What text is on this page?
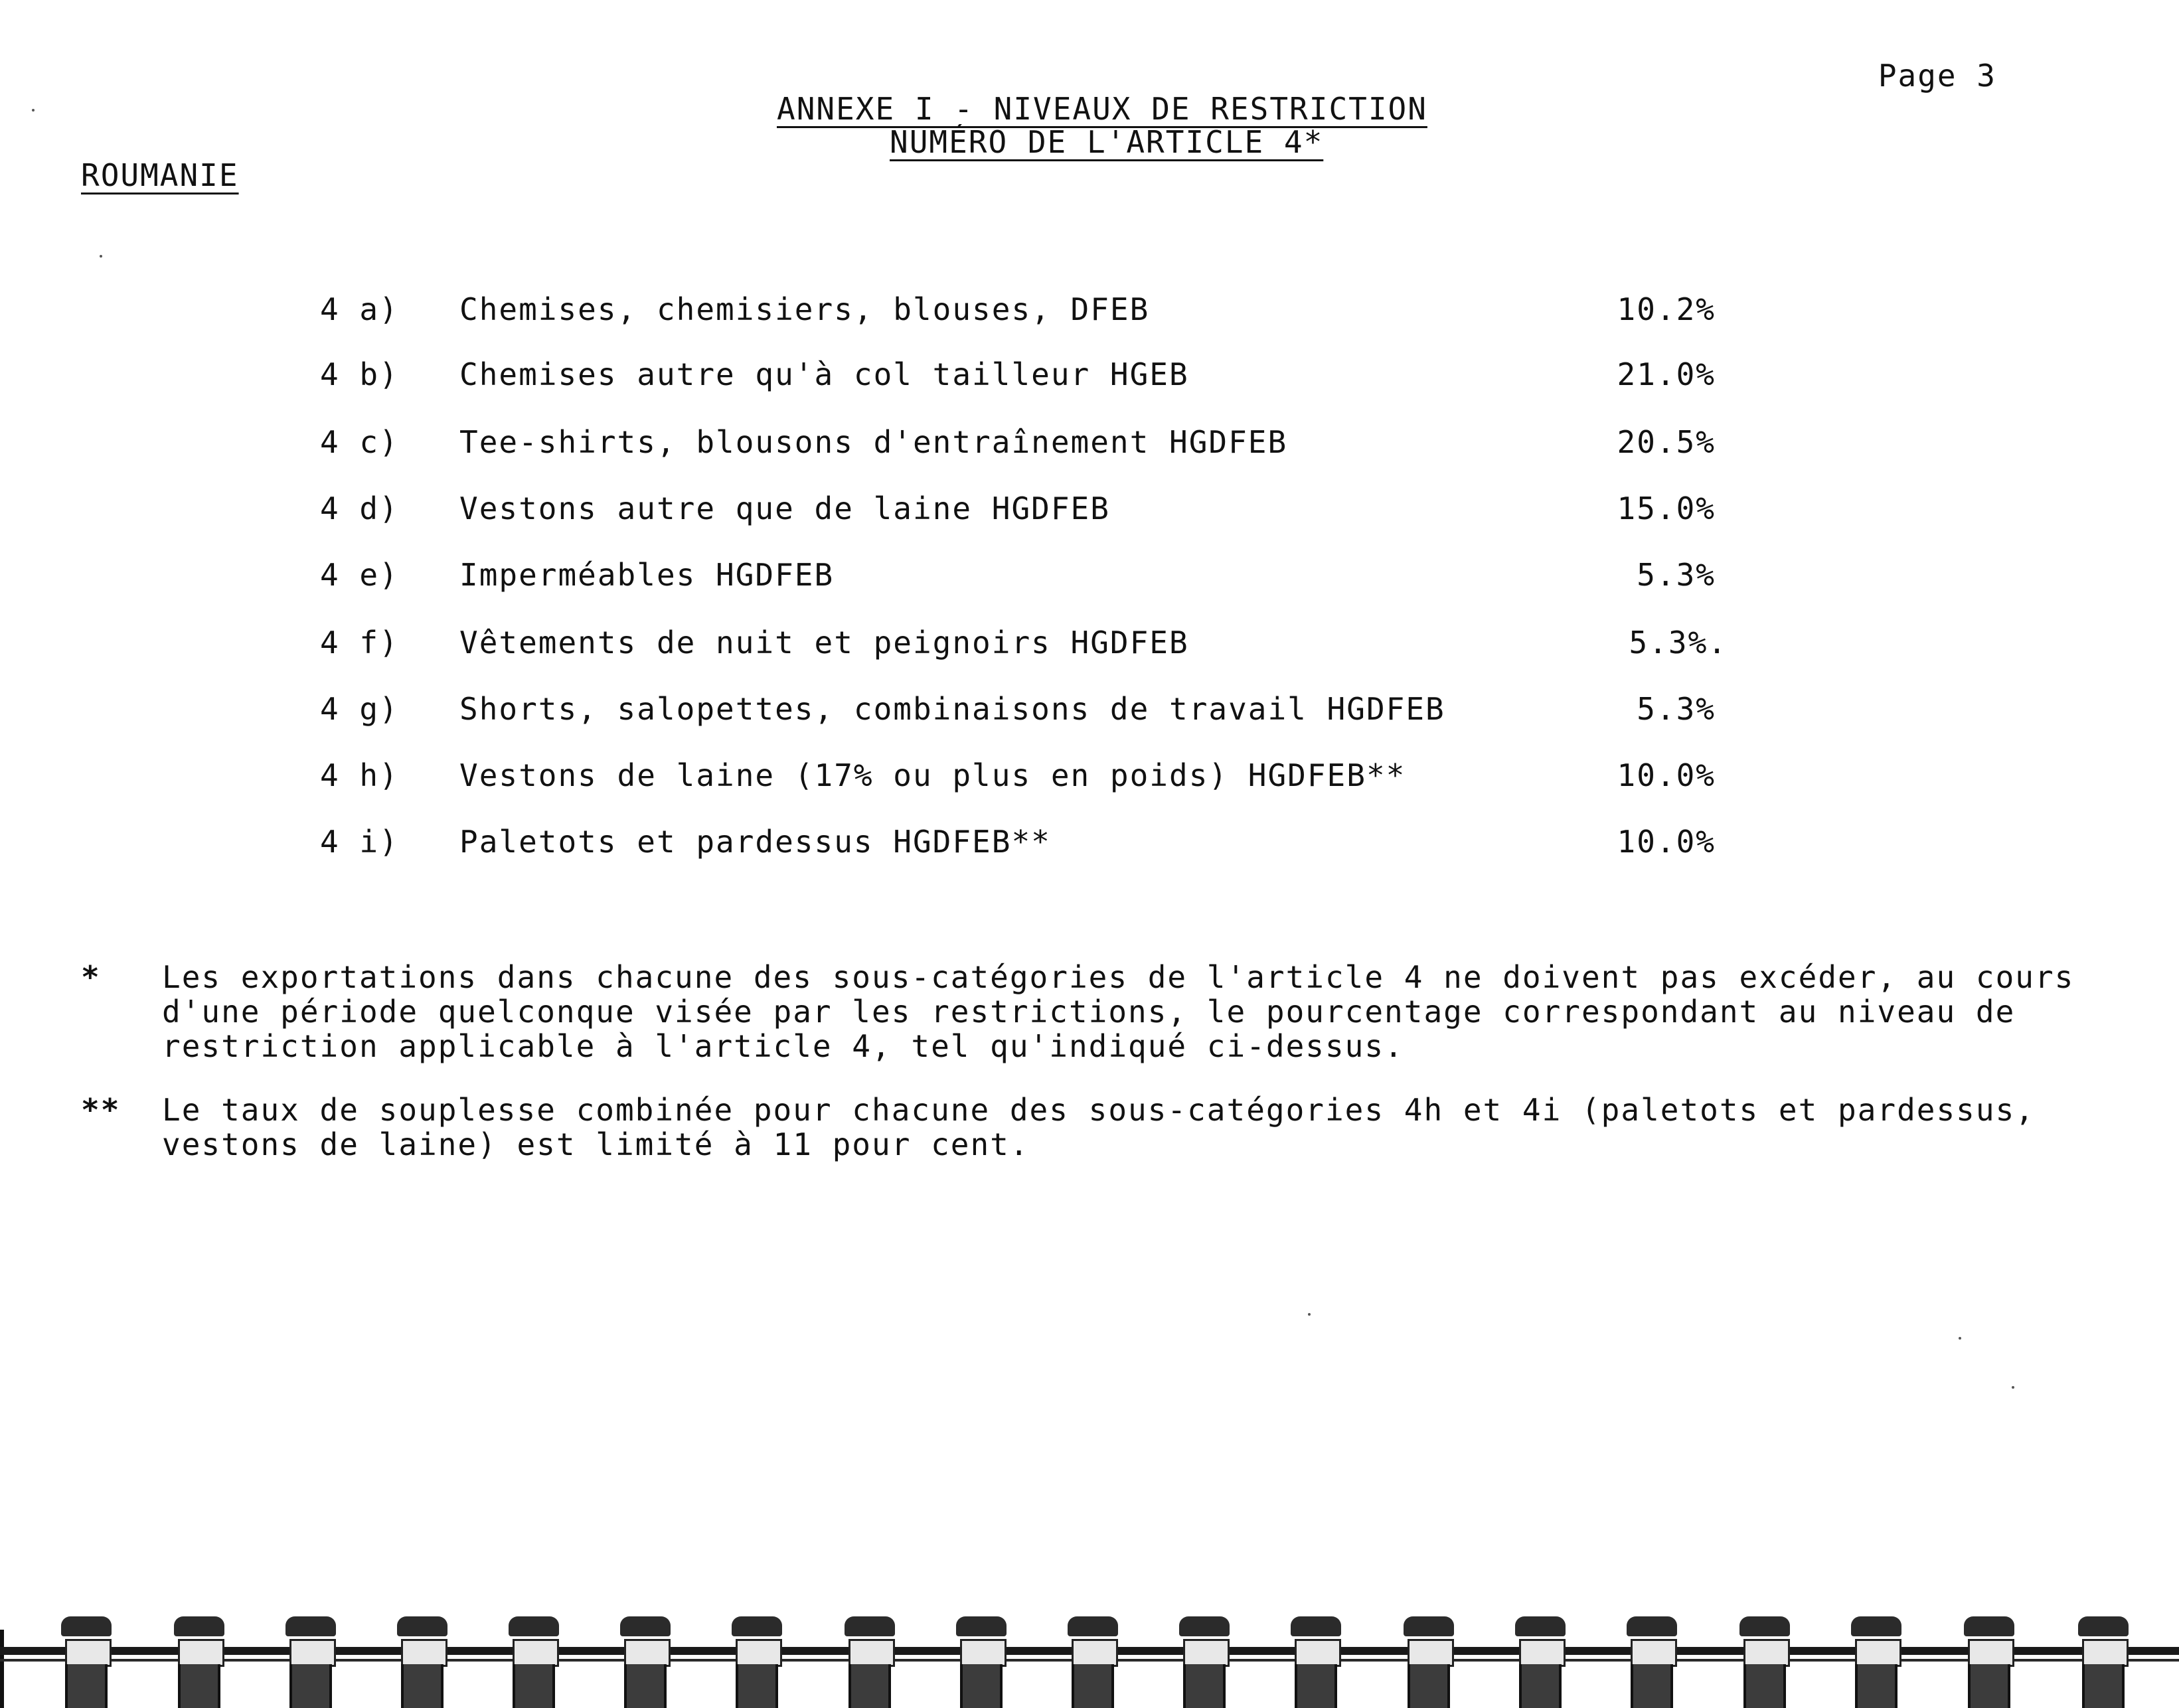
Page 3
ANNEXE I - NIVEAUX DE RESTRICTION
NUMÉRO DE L'ARTICLE 4*
ROUMANIE
4 a) Chemises, chemisiers, blouses, DFEB	10.2%
4 b) Chemises autre qu'à col tailleur HGEB	21.0%
4 c) Tee-shirts, blousons d'entraînement HGDFEB	20.5%
4 d) Vestons autre que de laine HGDFEB	15.0%
4 e) Imperméables HGDFEB	5.3%
4 f) Vêtements de nuit et peignoirs HGDFEB	5.3%.
4 g) Shorts, salopettes, combinaisons de travail HGDFEB	5.3%
4 h) Vestons de laine (17% ou plus en poids) HGDFEB**	10.0%
4 i) Paletots et pardessus HGDFEB**	10.0%
* Les exportations dans chacune des sous-catégories de l'article 4 ne doivent pas excéder, au cours d'une période quelconque visée par les restrictions, le pourcentage correspondant au niveau de restriction applicable à l'article 4, tel qu'indiqué ci-dessus.
** Le taux de souplesse combinée pour chacune des sous-catégories 4h et 4i (paletots et pardessus, vestons de laine) est limité à 11 pour cent.
